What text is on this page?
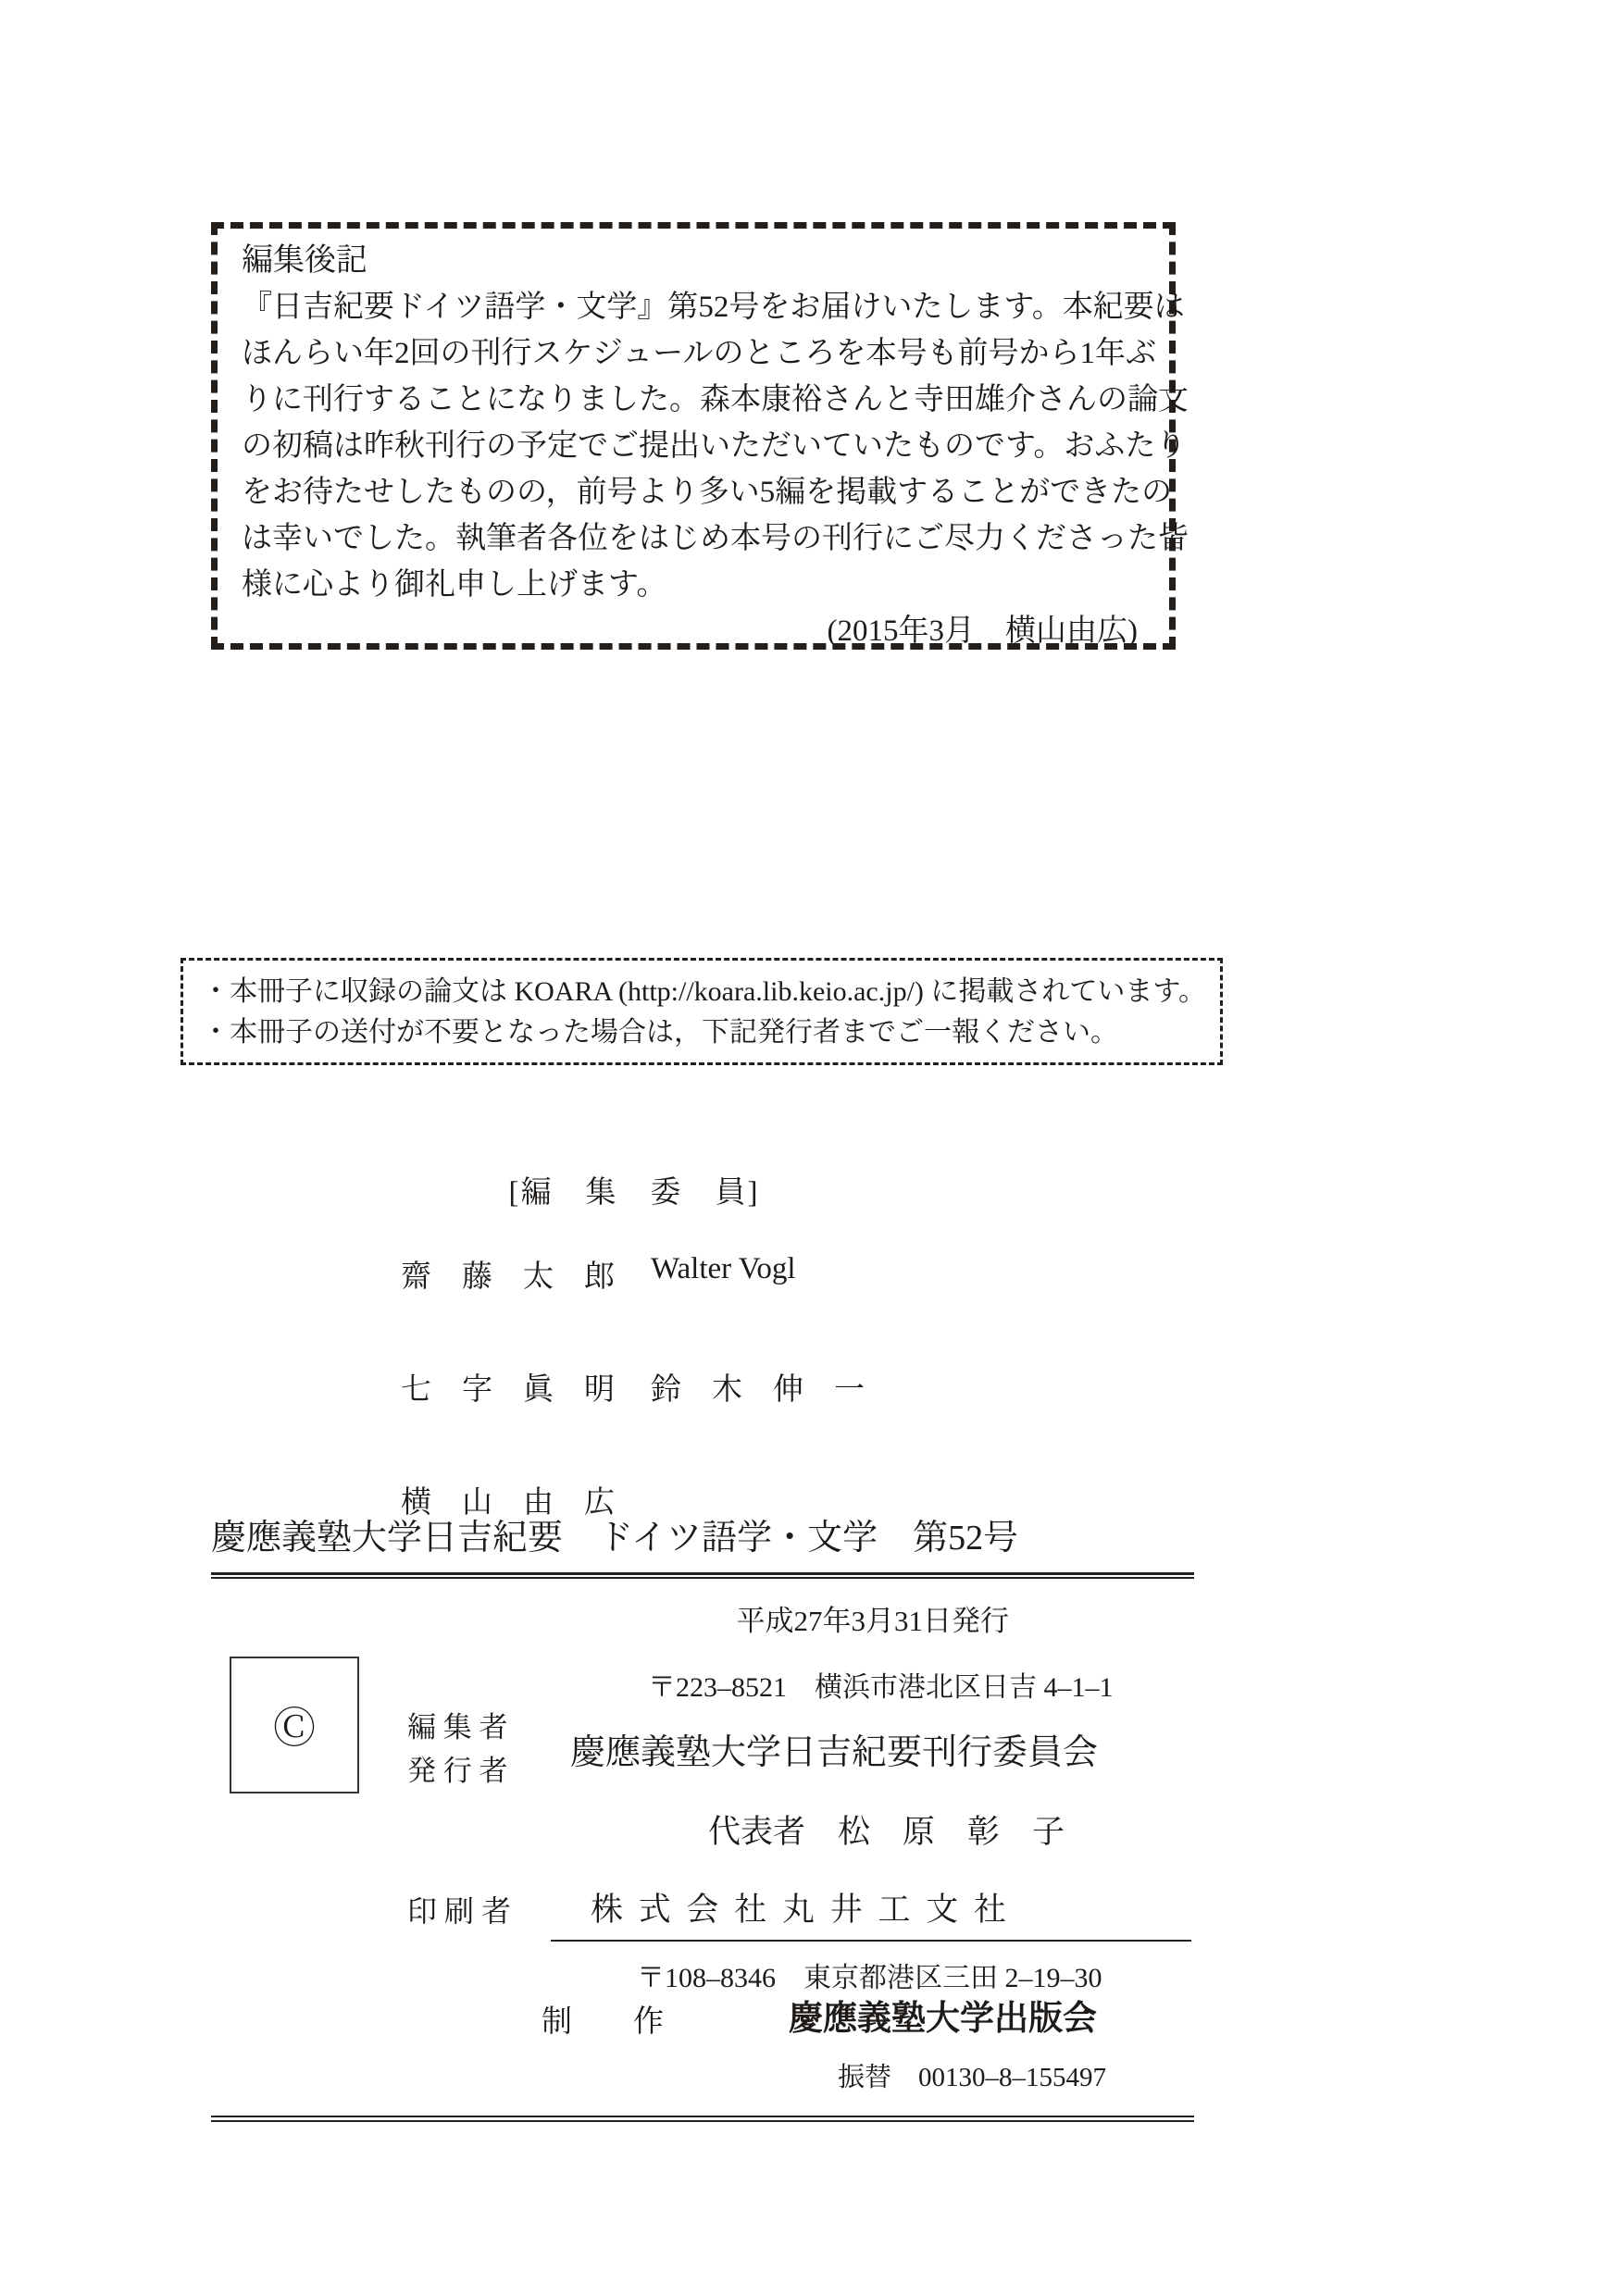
編集後記
『日吉紀要ドイツ語学・文学』第52号をお届けいたします。本紀要は
ほんらい年2回の刊行スケジュールのところを本号も前号から1年ぶ
りに刊行することになりました。森本康裕さんと寺田雄介さんの論文
の初稿は昨秋刊行の予定でご提出いただいていたものです。おふたり
をお待たせしたものの，前号より多い5編を掲載することができたの
は幸いでした。執筆者各位をはじめ本号の刊行にご尽力くださった皆
様に心より御礼申し上げます。
(2015年3月　横山由広)
・本冊子に収録の論文は KOARA (http://koara.lib.keio.ac.jp/) に掲載されています。
・本冊子の送付が不要となった場合は，下記発行者までご一報ください。
[編　集　委　員]
齋　藤　太　郎 Walter Vogl
七　字　眞　明 鈴　木　伸　一
横　山　由　広
慶應義塾大学日吉紀要　ドイツ語学・文学　第52号
平成27年3月31日発行
Ⓒ	編 集 者
発 行 者
〒223–8521　横浜市港北区日吉 4–1–1
慶應義塾大学日吉紀要刊行委員会
代表者　松　原　彰　子
印 刷 者 株 式 会 社 丸 井 工 文 社
〒108–8346　東京都港区三田 2–19–30
制　　作	慶應義塾大学出版会
振替　00130–8–155497
